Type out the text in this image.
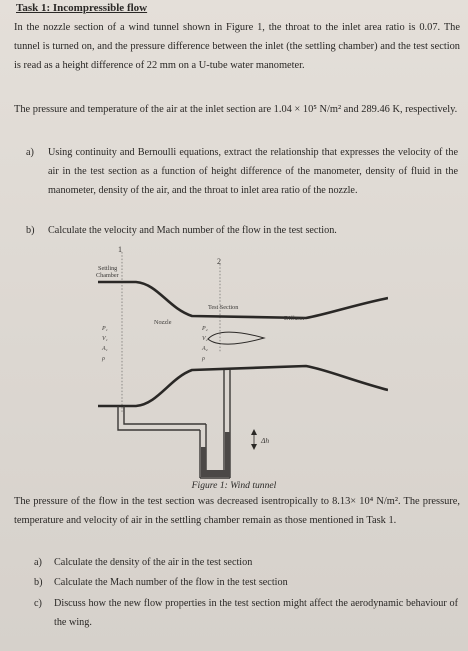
Task 1: Incompressible flow
In the nozzle section of a wind tunnel shown in Figure 1, the throat to the inlet area ratio is 0.07. The tunnel is turned on, and the pressure difference between the inlet (the settling chamber) and the test section is read as a height difference of 22 mm on a U-tube water manometer.
The pressure and temperature of the air at the inlet section are 1.04 × 10⁵ N/m² and 289.46 K, respectively.
a) Using continuity and Bernoulli equations, extract the relationship that expresses the velocity of the air in the test section as a function of height difference of the manometer, density of fluid in the manometer, density of the air, and the throat to inlet area ratio of the nozzle.
b) Calculate the velocity and Mach number of the flow in the test section.
1
2
Δh
Settling
Chamber
Test Section
Nozzle
Diffuser
P₁
V₁
A₁
ρ
P₂
V₂
A₂
ρ
Figure 1: Wind tunnel
The pressure of the flow in the test section was decreased isentropically to 8.13× 10⁴ N/m². The pressure, temperature and velocity of air in the settling chamber remain as those mentioned in Task 1.
a) Calculate the density of the air in the test section
b) Calculate the Mach number of the flow in the test section
c) Discuss how the new flow properties in the test section might affect the aerodynamic behaviour of the wing.
